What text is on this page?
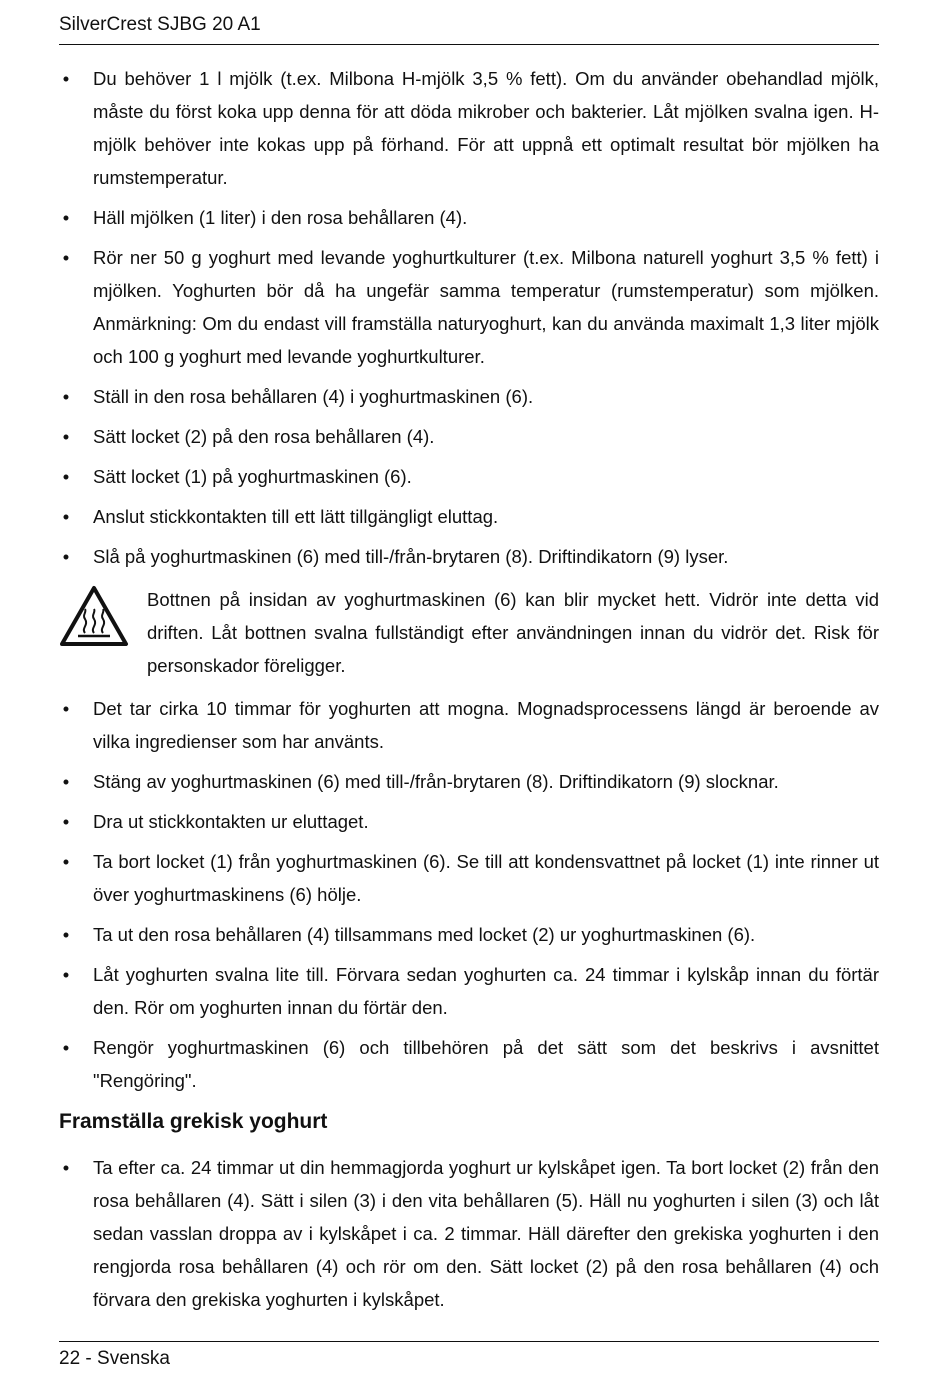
SilverCrest SJBG 20 A1
• Du behöver 1 l mjölk (t.ex. Milbona H-mjölk 3,5 % fett). Om du använder obehandlad mjölk, måste du först koka upp denna för att döda mikrober och bakterier. Låt mjölken svalna igen. H-mjölk behöver inte kokas upp på förhand. För att uppnå ett optimalt resultat bör mjölken ha rumstemperatur.
• Häll mjölken (1 liter) i den rosa behållaren (4).
• Rör ner 50 g yoghurt med levande yoghurtkulturer (t.ex. Milbona naturell yoghurt 3,5 % fett) i mjölken. Yoghurten bör då ha ungefär samma temperatur (rumstemperatur) som mjölken. Anmärkning: Om du endast vill framställa naturyoghurt, kan du använda maximalt 1,3 liter mjölk och 100 g yoghurt med levande yoghurtkulturer.
• Ställ in den rosa behållaren (4) i yoghurtmaskinen (6).
• Sätt locket (2) på den rosa behållaren (4).
• Sätt locket (1) på yoghurtmaskinen (6).
• Anslut stickkontakten till ett lätt tillgängligt eluttag.
• Slå på yoghurtmaskinen (6) med till-/från-brytaren (8). Driftindikatorn (9) lyser.
Bottnen på insidan av yoghurtmaskinen (6) kan blir mycket hett. Vidrör inte detta vid driften. Låt bottnen svalna fullständigt efter användningen innan du vidrör det. Risk för personskador föreligger.
• Det tar cirka 10 timmar för yoghurten att mogna. Mognadsprocessens längd är beroende av vilka ingredienser som har använts.
• Stäng av yoghurtmaskinen (6) med till-/från-brytaren (8). Driftindikatorn (9) slocknar.
• Dra ut stickkontakten ur eluttaget.
• Ta bort locket (1) från yoghurtmaskinen (6). Se till att kondensvattnet på locket (1) inte rinner ut över yoghurtmaskinens (6) hölje.
• Ta ut den rosa behållaren (4) tillsammans med locket (2) ur yoghurtmaskinen (6).
• Låt yoghurten svalna lite till. Förvara sedan yoghurten ca. 24 timmar i kylskåp innan du förtär den. Rör om yoghurten innan du förtär den.
• Rengör yoghurtmaskinen (6) och tillbehören på det sätt som det beskrivs i avsnittet "Rengöring".
Framställa grekisk yoghurt
• Ta efter ca. 24 timmar ut din hemmagjorda yoghurt ur kylskåpet igen. Ta bort locket (2) från den rosa behållaren (4). Sätt i silen (3) i den vita behållaren (5). Häll nu yoghurten i silen (3) och låt sedan vasslan droppa av i kylskåpet i ca. 2 timmar. Häll därefter den grekiska yoghurten i den rengjorda rosa behållaren (4) och rör om den. Sätt locket (2) på den rosa behållaren (4) och förvara den grekiska yoghurten i kylskåpet.
22 - Svenska
